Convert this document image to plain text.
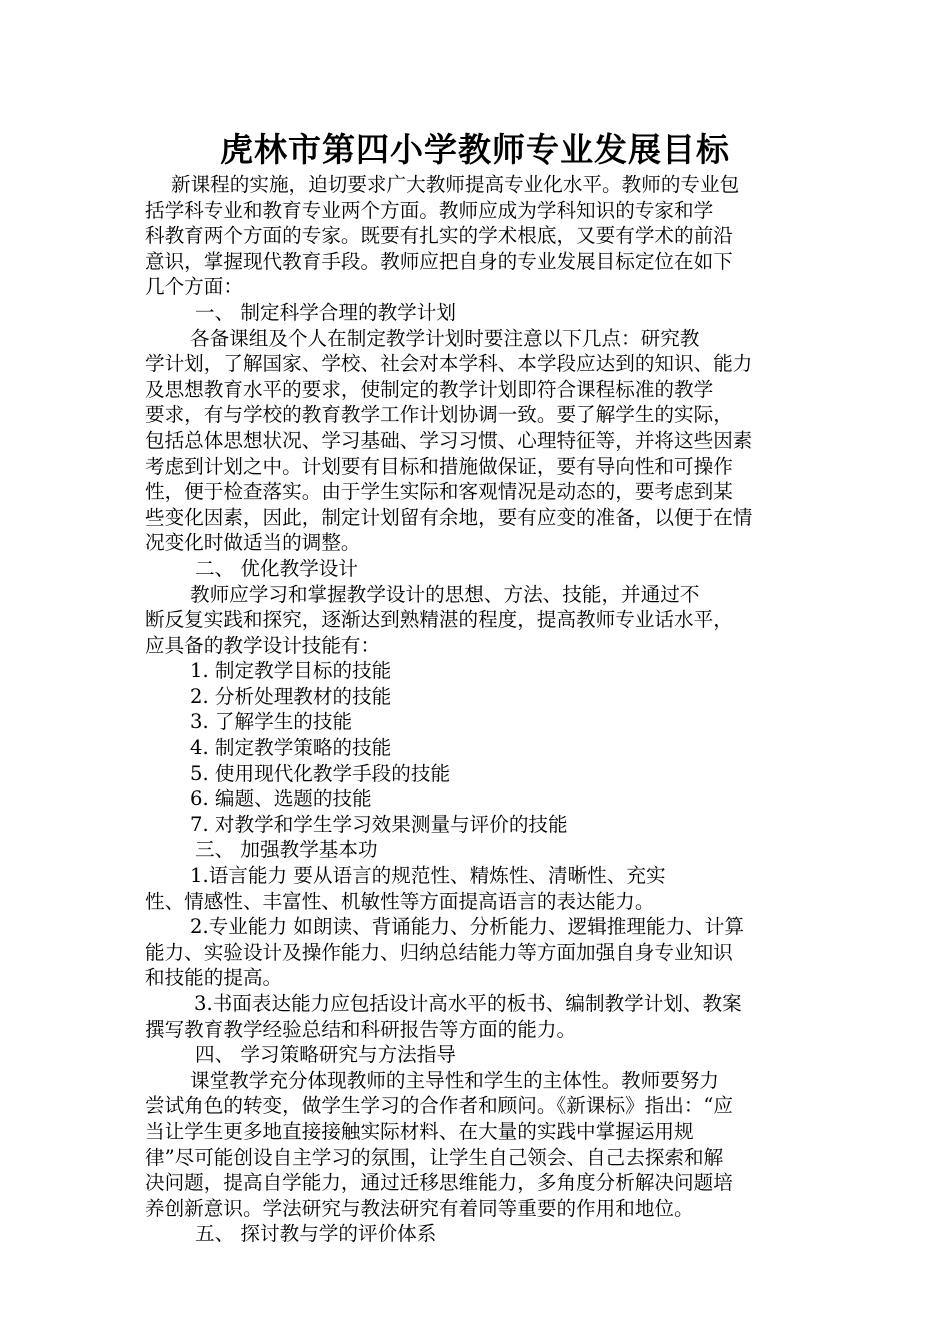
虎林市第四小学教师专业发展目标
新课程的实施，迫切要求广大教师提高专业化水平。教师的专业包
括学科专业和教育专业两个方面。教师应成为学科知识的专家和学
科教育两个方面的专家。既要有扎实的学术根底，又要有学术的前沿
意识，掌握现代教育手段。教师应把自身的专业发展目标定位在如下
几个方面：
一、 制定科学合理的教学计划
各备课组及个人在制定教学计划时要注意以下几点：研究教
学计划，了解国家、学校、社会对本学科、本学段应达到的知识、能力
及思想教育水平的要求，使制定的教学计划即符合课程标准的教学
要求，有与学校的教育教学工作计划协调一致。要了解学生的实际，
包括总体思想状况、学习基础、学习习惯、心理特征等，并将这些因素
考虑到计划之中。计划要有目标和措施做保证，要有导向性和可操作
性，便于检查落实。由于学生实际和客观情况是动态的，要考虑到某
些变化因素，因此，制定计划留有余地，要有应变的准备，以便于在情
况变化时做适当的调整。
二、 优化教学设计
教师应学习和掌握教学设计的思想、方法、技能，并通过不
断反复实践和探究，逐渐达到熟精湛的程度，提高教师专业话水平，
应具备的教学设计技能有：
1. 制定教学目标的技能
2. 分析处理教材的技能
3. 了解学生的技能
4. 制定教学策略的技能
5. 使用现代化教学手段的技能
6. 编题、选题的技能
7. 对教学和学生学习效果测量与评价的技能
三、 加强教学基本功
1.语言能力 要从语言的规范性、精炼性、清晰性、充实
性、情感性、丰富性、机敏性等方面提高语言的表达能力。
2.专业能力 如朗读、背诵能力、分析能力、逻辑推理能力、计算
能力、实验设计及操作能力、归纳总结能力等方面加强自身专业知识
和技能的提高。
3.书面表达能力应包括设计高水平的板书、编制教学计划、教案
撰写教育教学经验总结和科研报告等方面的能力。
四、 学习策略研究与方法指导
课堂教学充分体现教师的主导性和学生的主体性。教师要努力
尝试角色的转变，做学生学习的合作者和顾问。《新课标》指出：“应
当让学生更多地直接接触实际材料、在大量的实践中掌握运用规
律”尽可能创设自主学习的氛围，让学生自己领会、自己去探索和解
决问题，提高自学能力，通过迁移思维能力，多角度分析解决问题培
养创新意识。学法研究与教法研究有着同等重要的作用和地位。
五、 探讨教与学的评价体系
